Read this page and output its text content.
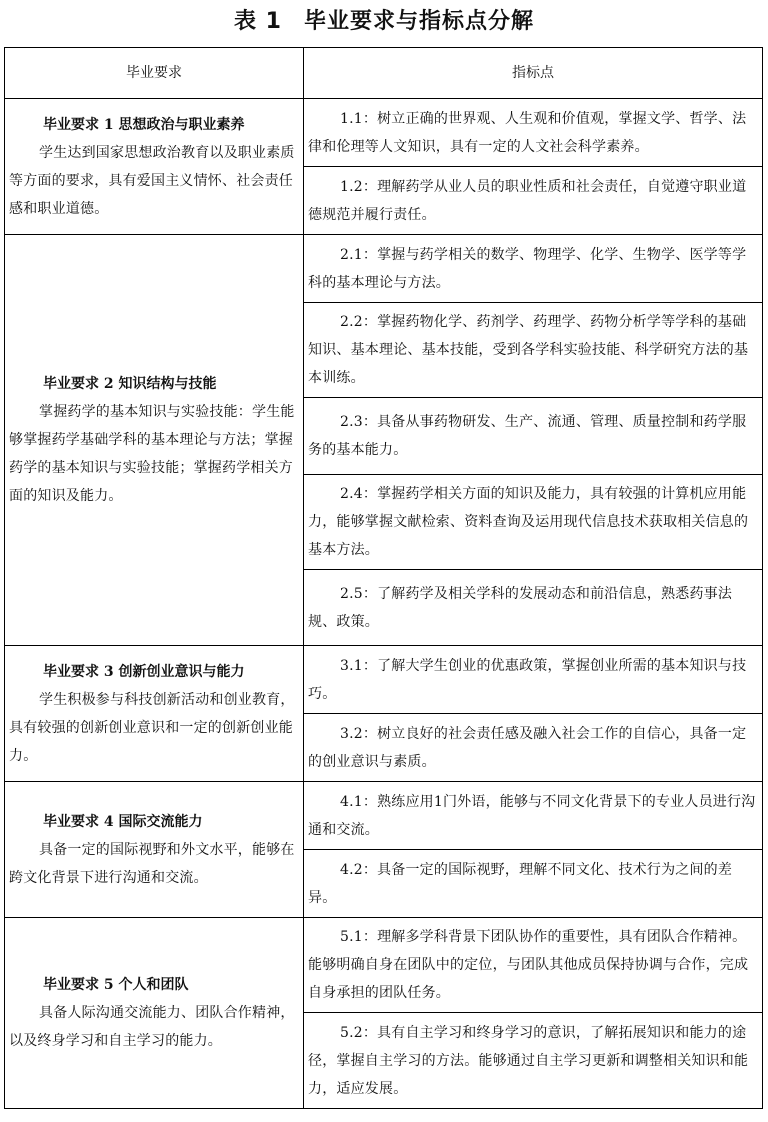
表 1 毕业要求与指标点分解
毕业要求	指标点

毕业要求 1 思想政治与职业素养
学生达到国家思想政治教育以及职业素质等方面的要求，具有爱国主义情怀、社会责任感和职业道德。	1.1：树立正确的世界观、人生观和价值观，掌握文学、哲学、法律和伦理等人文知识，具有一定的人文社会科学素养。

	1.2：理解药学从业人员的职业性质和社会责任，自觉遵守职业道德规范并履行责任。

毕业要求 2 知识结构与技能
掌握药学的基本知识与实验技能：学生能够掌握药学基础学科的基本理论与方法；掌握药学的基本知识与实验技能；掌握药学相关方面的知识及能力。	2.1：掌握与药学相关的数学、物理学、化学、生物学、医学等学科的基本理论与方法。

	2.2：掌握药物化学、药剂学、药理学、药物分析学等学科的基础知识、基本理论、基本技能，受到各学科实验技能、科学研究方法的基本训练。

	2.3：具备从事药物研发、生产、流通、管理、质量控制和药学服务的基本能力。

	2.4：掌握药学相关方面的知识及能力，具有较强的计算机应用能力，能够掌握文献检索、资料查询及运用现代信息技术获取相关信息的基本方法。

	2.5：了解药学及相关学科的发展动态和前沿信息，熟悉药事法规、政策。

毕业要求 3 创新创业意识与能力
学生积极参与科技创新活动和创业教育，具有较强的创新创业意识和一定的创新创业能力。	3.1：了解大学生创业的优惠政策，掌握创业所需的基本知识与技巧。

	3.2：树立良好的社会责任感及融入社会工作的自信心，具备一定的创业意识与素质。

毕业要求 4 国际交流能力
具备一定的国际视野和外文水平，能够在跨文化背景下进行沟通和交流。	4.1：熟练应用1门外语，能够与不同文化背景下的专业人员进行沟通和交流。

	4.2：具备一定的国际视野，理解不同文化、技术行为之间的差异。

毕业要求 5 个人和团队
具备人际沟通交流能力、团队合作精神，以及终身学习和自主学习的能力。	5.1：理解多学科背景下团队协作的重要性，具有团队合作精神。能够明确自身在团队中的定位，与团队其他成员保持协调与合作，完成自身承担的团队任务。

	5.2：具有自主学习和终身学习的意识，了解拓展知识和能力的途径，掌握自主学习的方法。能够通过自主学习更新和调整相关知识和能力，适应发展。
